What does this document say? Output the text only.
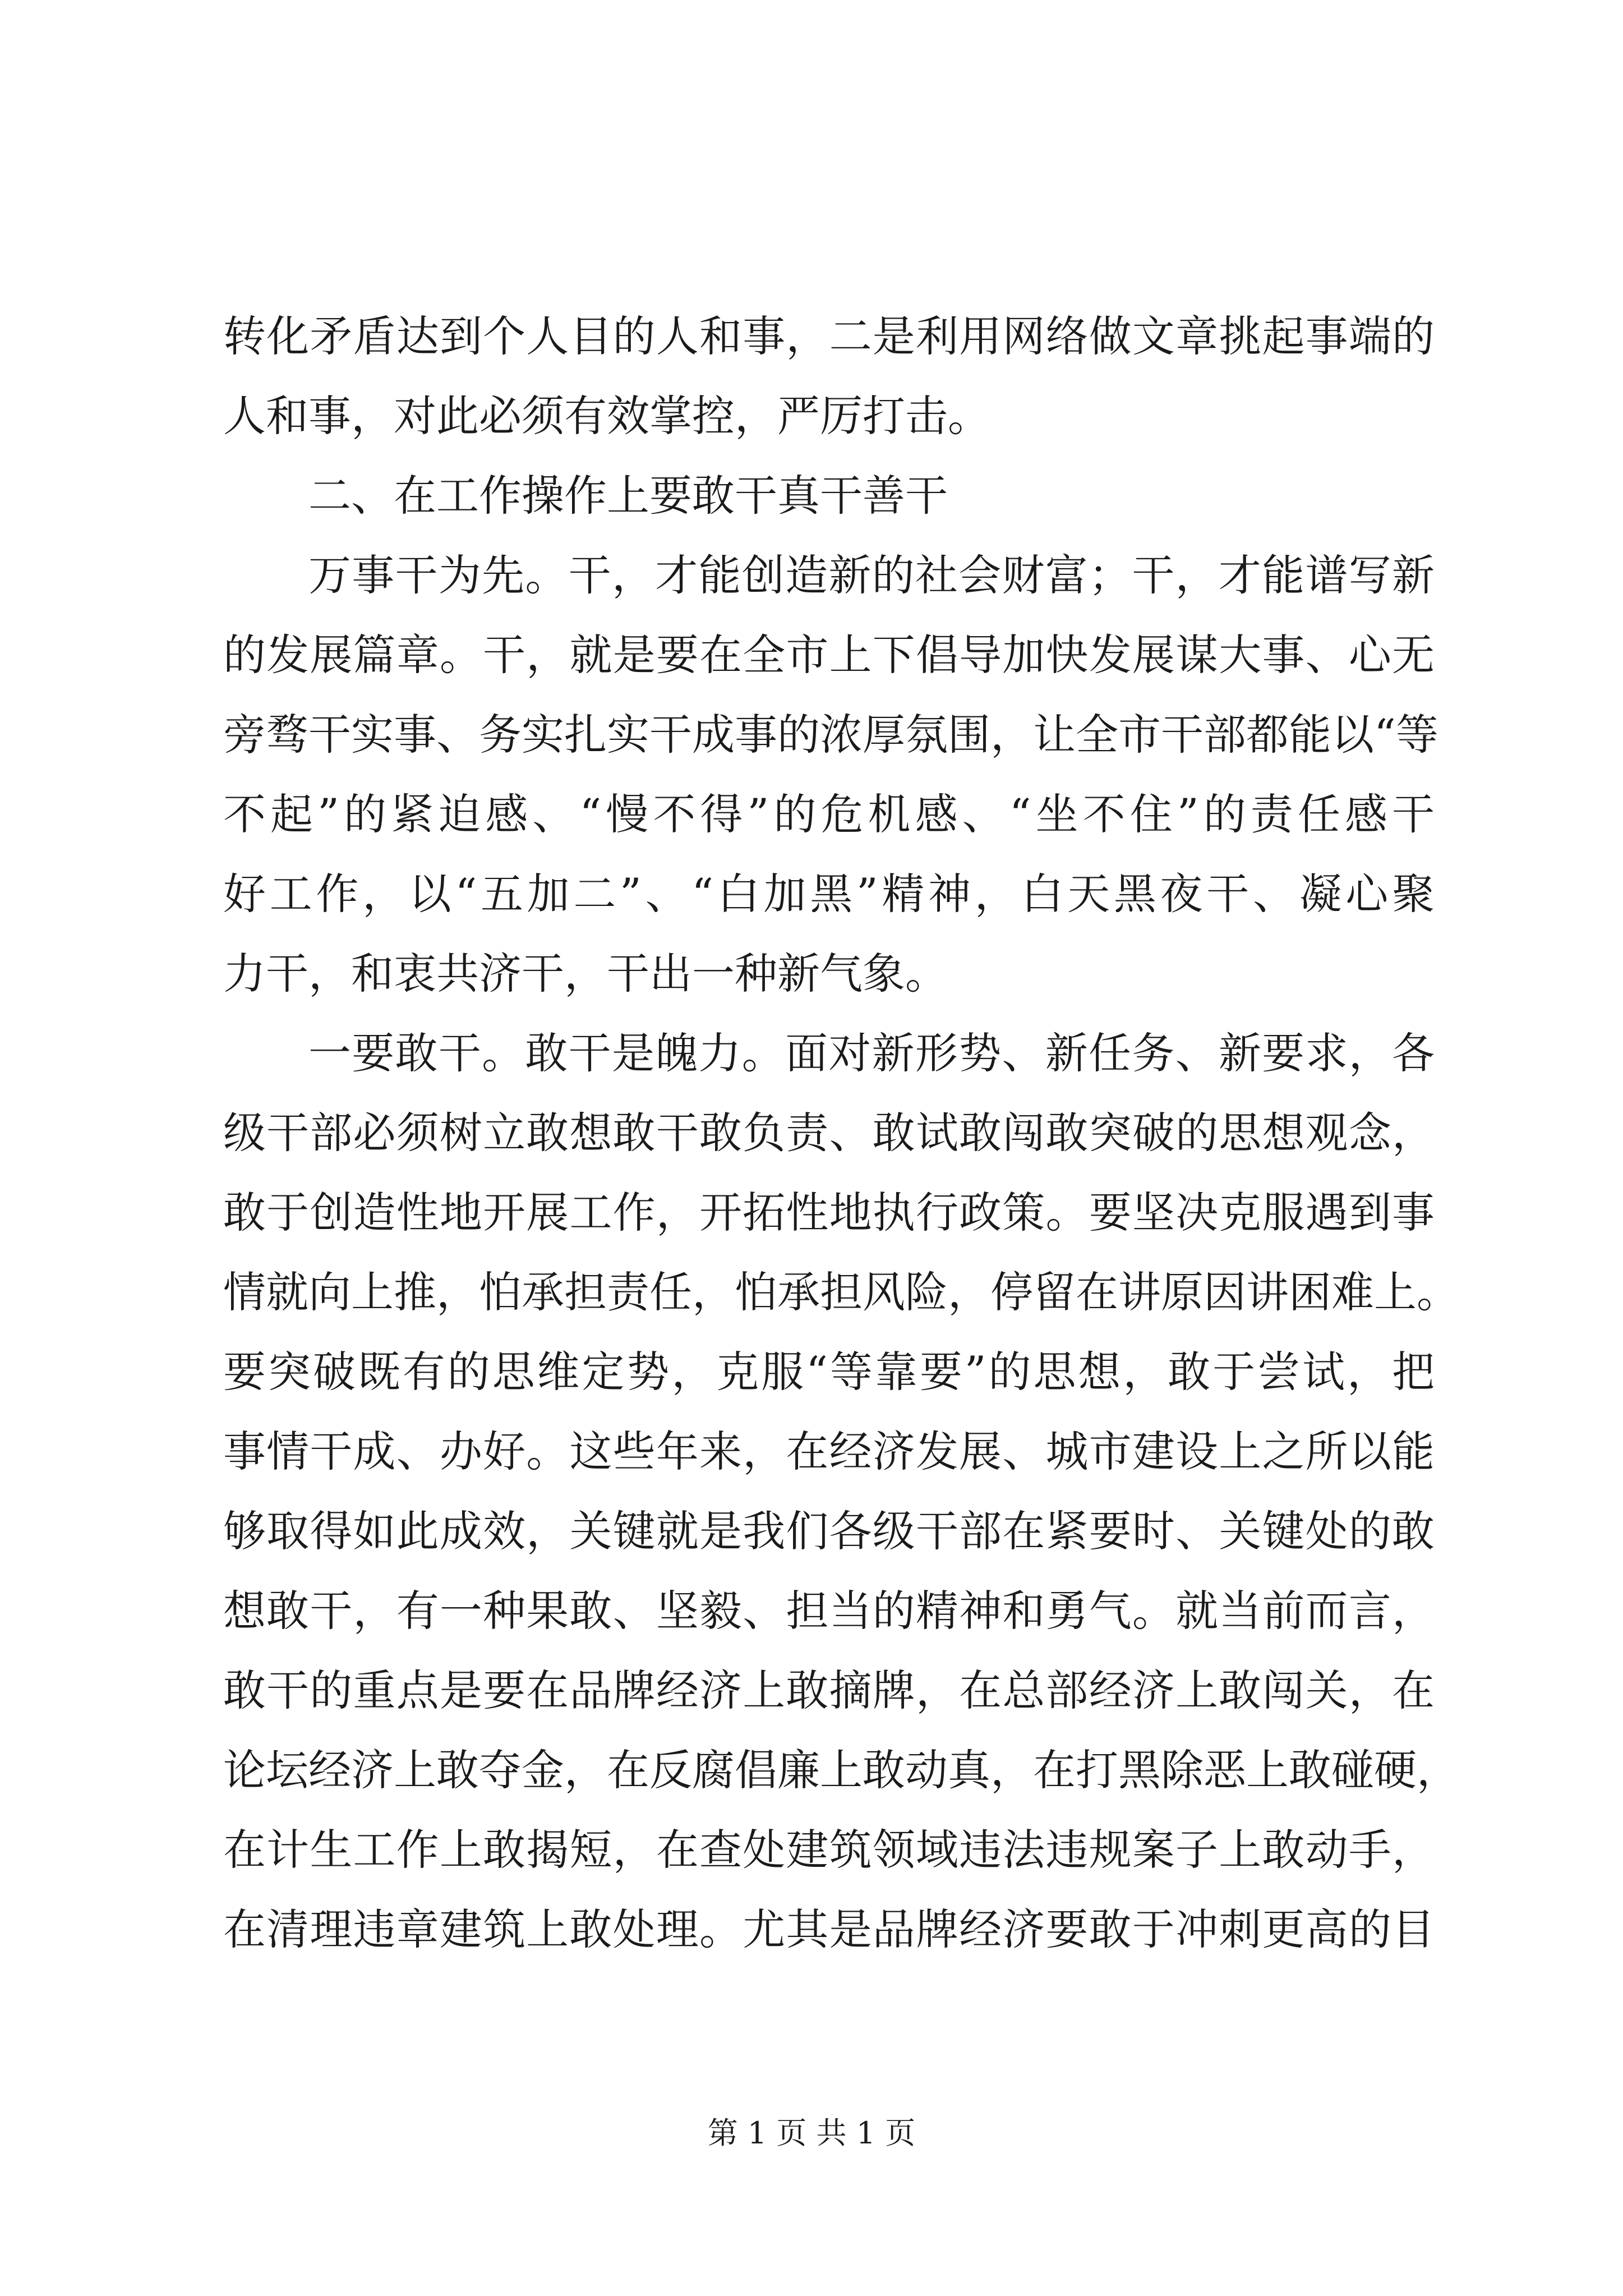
转化矛盾达到个人目的人和事，二是利用网络做文章挑起事端的
人和事，对此必须有效掌控，严厉打击。
二、在工作操作上要敢干真干善干
万事干为先。干，才能创造新的社会财富；干，才能谱写新
的发展篇章。干，就是要在全市上下倡导加快发展谋大事、心无
旁骛干实事、务实扎实干成事的浓厚氛围，让全市干部都能以“等
不起”的紧迫感、“慢不得”的危机感、“坐不住”的责任感干
好工作，以“五加二”、“白加黑”精神，白天黑夜干、凝心聚
力干，和衷共济干，干出一种新气象。
一要敢干。敢干是魄力。面对新形势、新任务、新要求，各
级干部必须树立敢想敢干敢负责、敢试敢闯敢突破的思想观念，
敢于创造性地开展工作，开拓性地执行政策。要坚决克服遇到事
情就向上推，怕承担责任，怕承担风险，停留在讲原因讲困难上。
要突破既有的思维定势，克服“等靠要”的思想，敢于尝试，把
事情干成、办好。这些年来，在经济发展、城市建设上之所以能
够取得如此成效，关键就是我们各级干部在紧要时、关键处的敢
想敢干，有一种果敢、坚毅、担当的精神和勇气。就当前而言，
敢干的重点是要在品牌经济上敢摘牌，在总部经济上敢闯关，在
论坛经济上敢夺金，在反腐倡廉上敢动真，在打黑除恶上敢碰硬，
在计生工作上敢揭短，在查处建筑领域违法违规案子上敢动手，
在清理违章建筑上敢处理。尤其是品牌经济要敢于冲刺更高的目
第 1 页 共 1 页
